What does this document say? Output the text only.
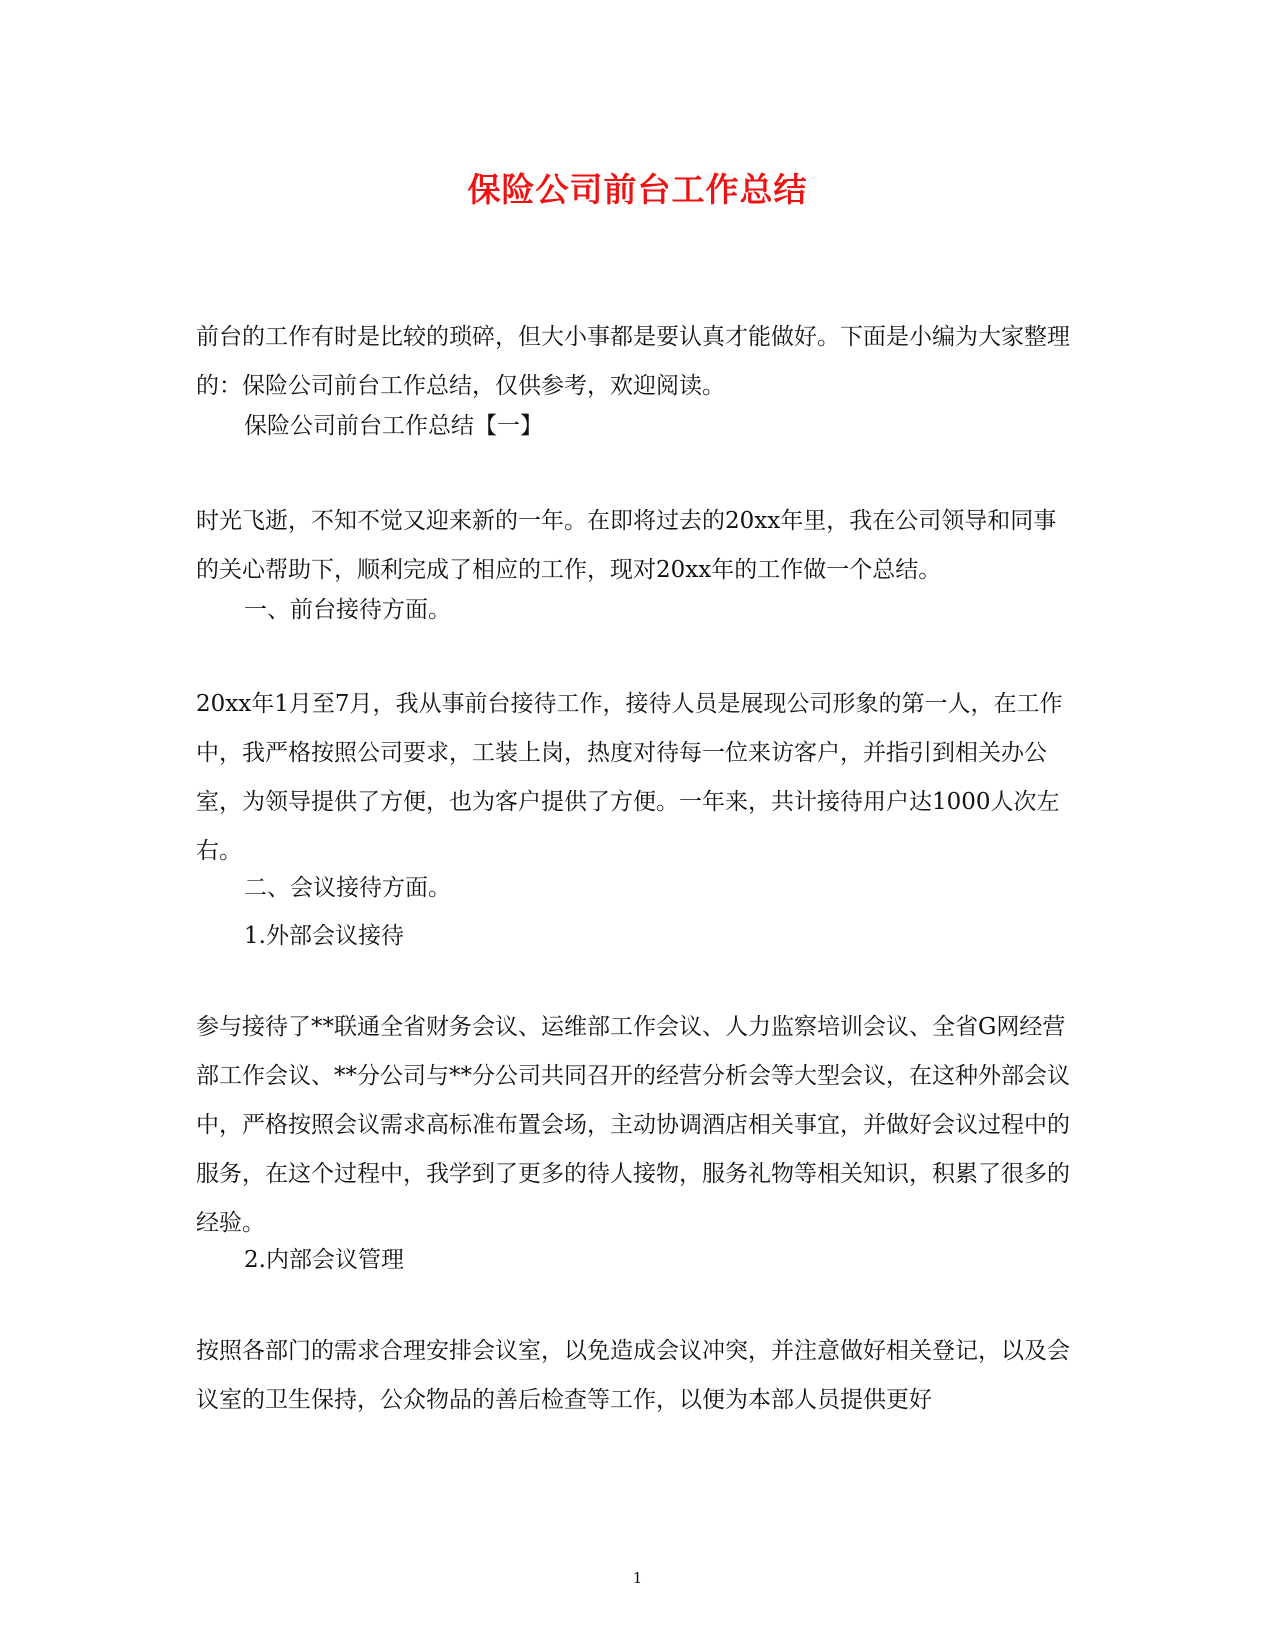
保险公司前台工作总结

前台的工作有时是比较的琐碎，但大小事都是要认真才能做好。下面是小编为大家整理的：保险公司前台工作总结，仅供参考，欢迎阅读。

保险公司前台工作总结【一】

时光飞逝，不知不觉又迎来新的一年。在即将过去的20xx年里，我在公司领导和同事的关心帮助下，顺利完成了相应的工作，现对20xx年的工作做一个总结。

一、前台接待方面。

20xx年1月至7月，我从事前台接待工作，接待人员是展现公司形象的第一人，在工作中，我严格按照公司要求，工装上岗，热度对待每一位来访客户，并指引到相关办公室，为领导提供了方便，也为客户提供了方便。一年来，共计接待用户达1000人次左右。

二、会议接待方面。

1.外部会议接待

参与接待了**联通全省财务会议、运维部工作会议、人力监察培训会议、全省G网经营部工作会议、**分公司与**分公司共同召开的经营分析会等大型会议，在这种外部会议中，严格按照会议需求高标准布置会场，主动协调酒店相关事宜，并做好会议过程中的服务，在这个过程中，我学到了更多的待人接物，服务礼物等相关知识，积累了很多的经验。

2.内部会议管理

按照各部门的需求合理安排会议室，以免造成会议冲突，并注意做好相关登记，以及会议室的卫生保持，公众物品的善后检查等工作，以便为本部人员提供更好

1
